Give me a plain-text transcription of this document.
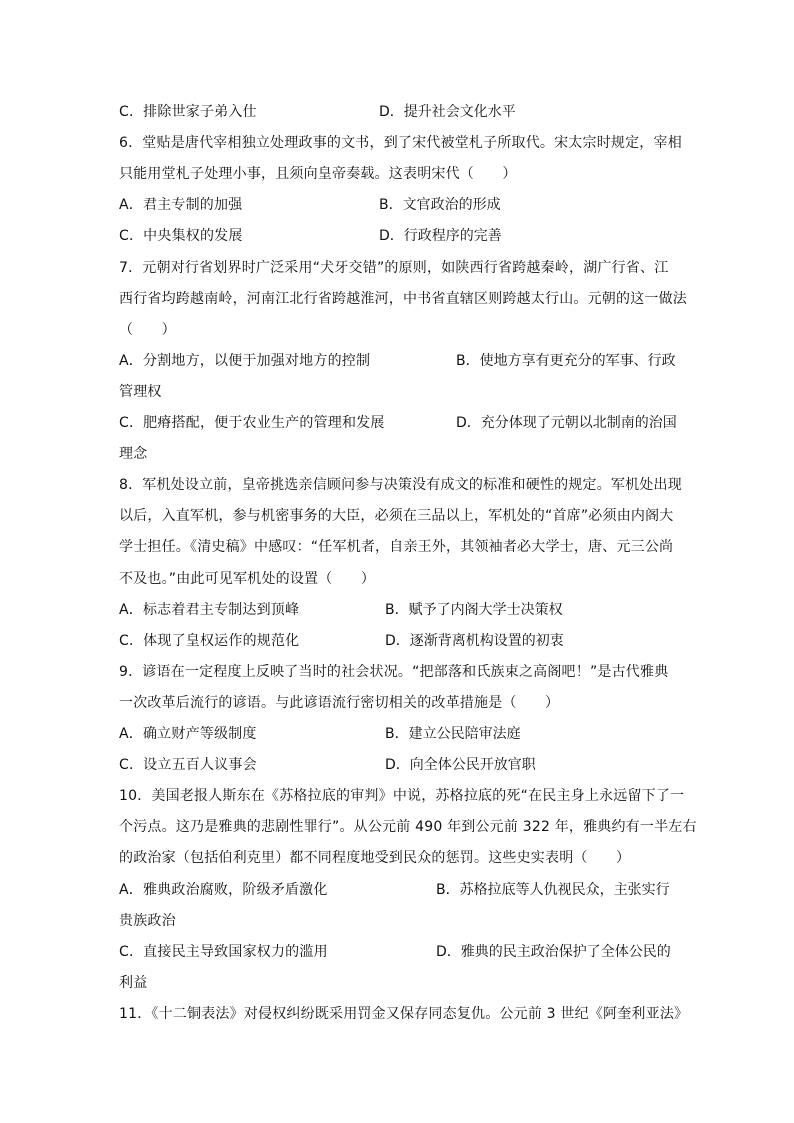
C．排除世家子弟入仕	D．提升社会文化水平
6．堂贴是唐代宰相独立处理政事的文书，到了宋代被堂札子所取代。宋太宗时规定，宰相
只能用堂札子处理小事，且须向皇帝奏载。这表明宋代（　　）
A．君主专制的加强	B．文官政治的形成
C．中央集权的发展	D．行政程序的完善
7．元朝对行省划界时广泛采用“犬牙交错”的原则，如陕西行省跨越秦岭，湖广行省、江
西行省均跨越南岭，河南江北行省跨越淮河，中书省直辖区则跨越太行山。元朝的这一做法
（　　）
A．分割地方，以便于加强对地方的控制	B．使地方享有更充分的军事、行政
管理权
C．肥瘠搭配，便于农业生产的管理和发展	D．充分体现了元朝以北制南的治国
理念
8．军机处设立前，皇帝挑选亲信顾问参与决策没有成文的标准和硬性的规定。军机处出现
以后，入直军机，参与机密事务的大臣，必须在三品以上，军机处的“首席”必须由内阁大
学士担任。《清史稿》中感叹：“任军机者，自亲王外，其领袖者必大学士，唐、元三公尚
不及也。”由此可见军机处的设置（　　）
A．标志着君主专制达到顶峰	B．赋予了内阁大学士决策权
C．体现了皇权运作的规范化	D．逐渐背离机构设置的初衷
9．谚语在一定程度上反映了当时的社会状况。“把部落和氏族束之高阁吧！”是古代雅典
一次改革后流行的谚语。与此谚语流行密切相关的改革措施是（　　）
A．确立财产等级制度	B．建立公民陪审法庭
C．设立五百人议事会	D．向全体公民开放官职
10．美国老报人斯东在《苏格拉底的审判》中说，苏格拉底的死“在民主身上永远留下了一
个污点。这乃是雅典的悲剧性罪行”。从公元前 490 年到公元前 322 年，雅典约有一半左右
的政治家（包括伯利克里）都不同程度地受到民众的惩罚。这些史实表明（　　）
A．雅典政治腐败，阶级矛盾激化	B．苏格拉底等人仇视民众，主张实行
贵族政治
C．直接民主导致国家权力的滥用	D．雅典的民主政治保护了全体公民的
利益
11．《十二铜表法》对侵权纠纷既采用罚金又保存同态复仇。公元前 3 世纪《阿奎利亚法》
